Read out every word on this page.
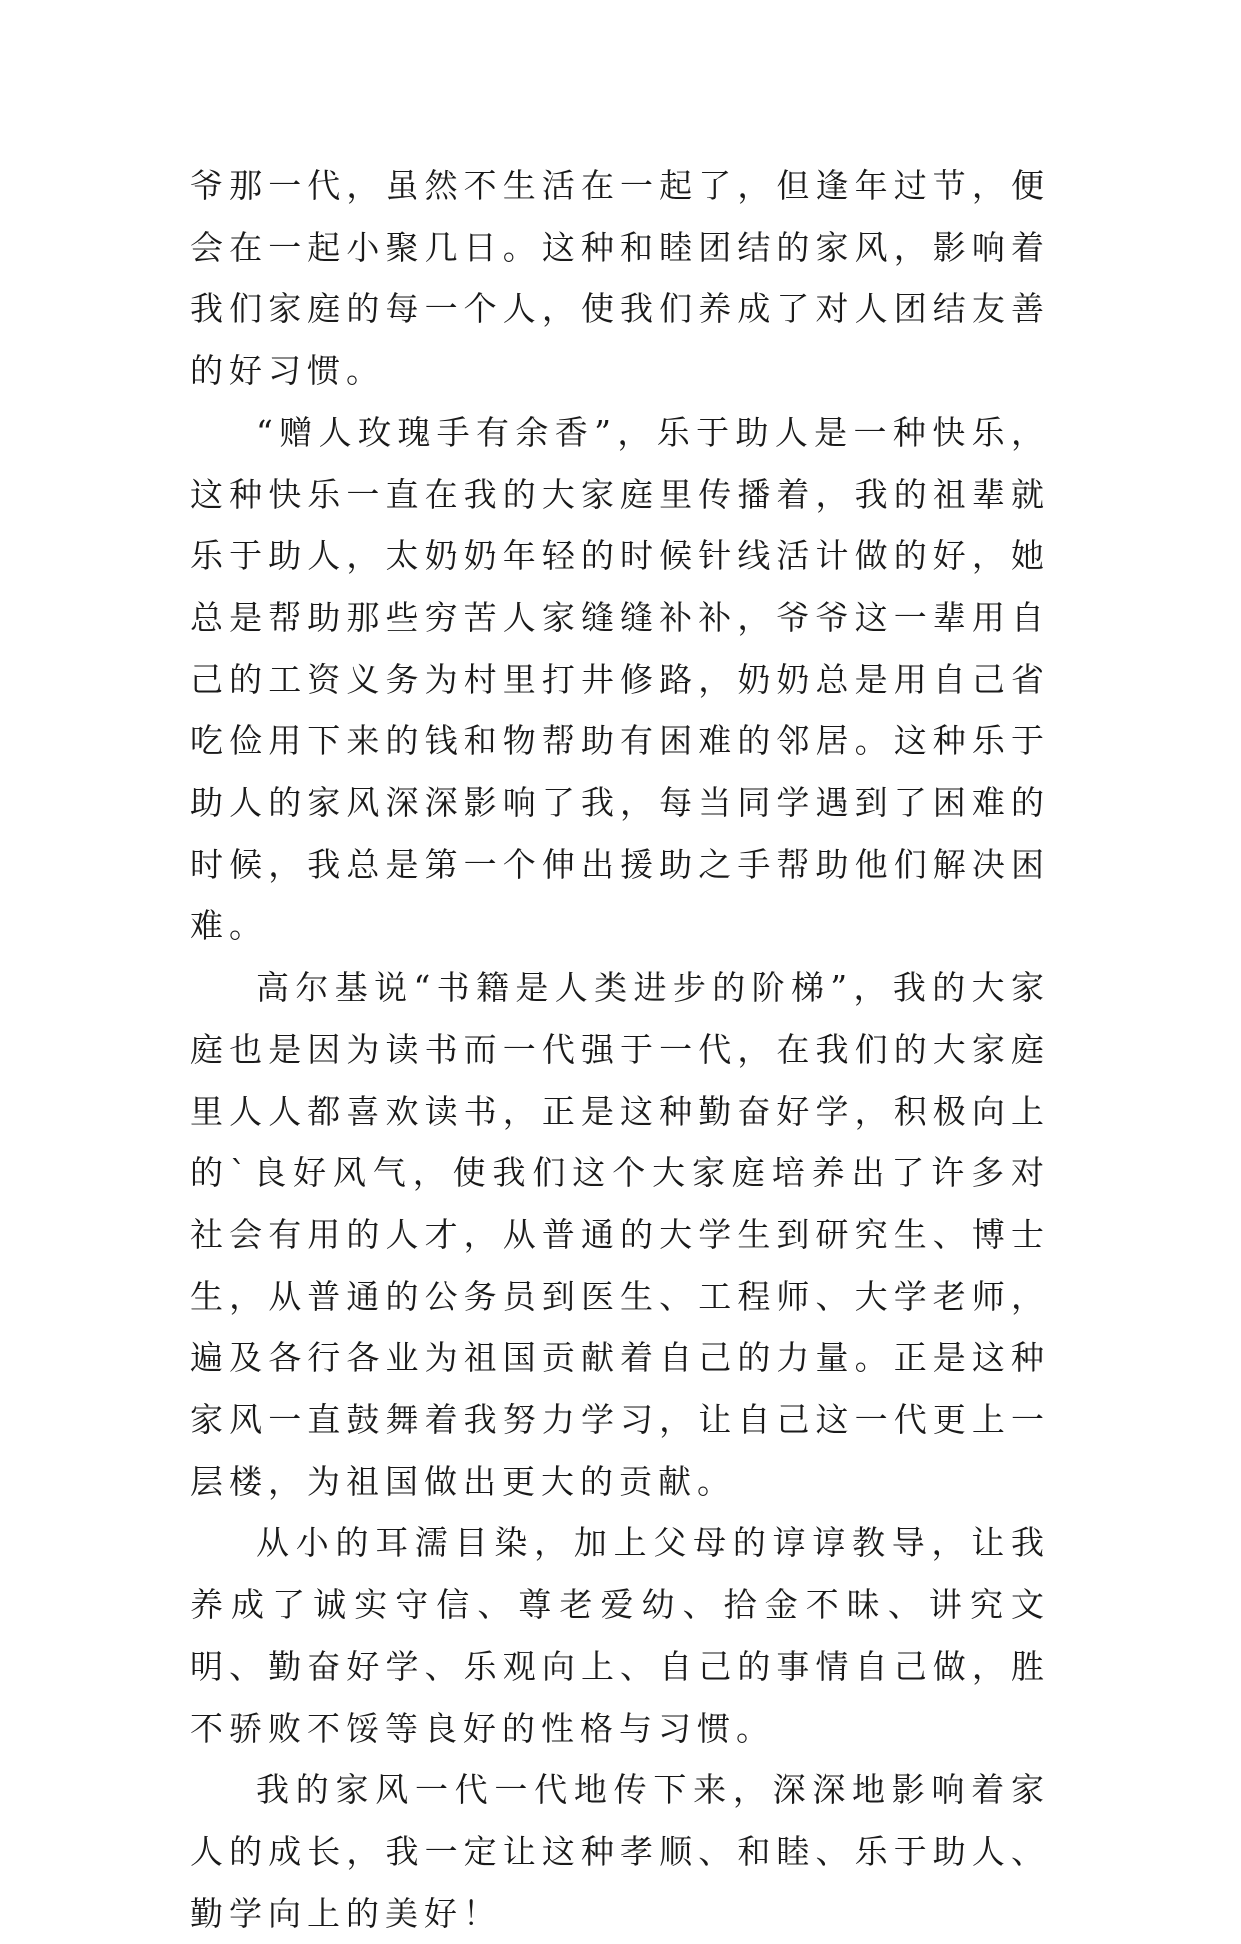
爷那一代，虽然不生活在一起了，但逢年过节，便会在一起小聚几日。这种和睦团结的家风，影响着我们家庭的每一个人，使我们养成了对人团结友善的好习惯。

“赠人玫瑰手有余香”，乐于助人是一种快乐，这种快乐一直在我的大家庭里传播着，我的祖辈就乐于助人，太奶奶年轻的时候针线活计做的好，她总是帮助那些穷苦人家缝缝补补，爷爷这一辈用自己的工资义务为村里打井修路，奶奶总是用自己省吃俭用下来的钱和物帮助有困难的邻居。这种乐于助人的家风深深影响了我，每当同学遇到了困难的时候，我总是第一个伸出援助之手帮助他们解决困难。

高尔基说“书籍是人类进步的阶梯”，我的大家庭也是因为读书而一代强于一代，在我们的大家庭里人人都喜欢读书，正是这种勤奋好学，积极向上的`良好风气，使我们这个大家庭培养出了许多对社会有用的人才，从普通的大学生到研究生、博士生，从普通的公务员到医生、工程师、大学老师，遍及各行各业为祖国贡献着自己的力量。正是这种家风一直鼓舞着我努力学习，让自己这一代更上一层楼，为祖国做出更大的贡献。

从小的耳濡目染，加上父母的谆谆教导，让我养成了诚实守信、尊老爱幼、拾金不昧、讲究文明、勤奋好学、乐观向上、自己的事情自己做，胜不骄败不馁等良好的性格与习惯。

我的家风一代一代地传下来，深深地影响着家人的成长，我一定让这种孝顺、和睦、乐于助人、勤学向上的美好！
